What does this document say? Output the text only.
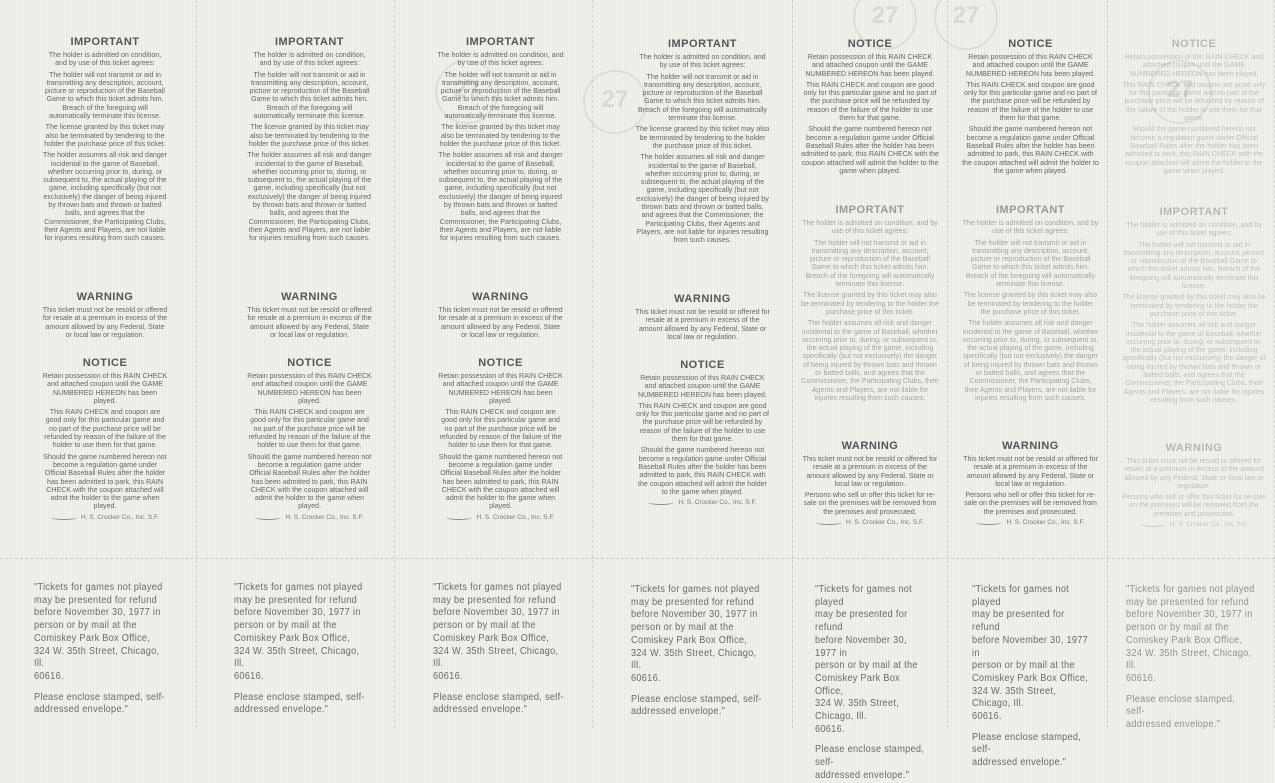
IMPORTANT

The holder is admitted on condition, and by use of this ticket agrees:

The holder will not transmit or aid in transmitting any description, account, picture or reproduction of the Baseball Game to which this ticket admits him. Breach of the foregoing will automatically terminate this license.

The license granted by this ticket may also be terminated by tendering to the holder the purchase price of this ticket.

The holder assumes all risk and danger incidental to the game of Baseball, whether occurring prior to, during, or subsequent to, the actual playing of the game, including specifically (but not exclusively) the danger of being injured by thrown bats and thrown or batted balls, and agrees that the Commissioner, the Participating Clubs, their Agents and Players, are not liable for injuries resulting from such causes.

WARNING

This ticket must not be resold or offered for resale at a premium in excess of the amount allowed by any Federal, State or local law or regulation.

NOTICE

Retain possession of this RAIN CHECK and attached coupon until the GAME NUMBERED HEREON has been played.

This RAIN CHECK and coupon are good only for this particular game and no part of the purchase price will be refunded by reason of the failure of the holder to use them for that game.

Should the game numbered hereon not become a regulation game under Official Baseball Rules after the holder has been admitted to park, this RAIN CHECK with the coupon attached will admit the holder to the game when played.

H. S. Crocker Co., Inc. S.F.
"Tickets for games not played
may be presented for refund
before November 30, 1977 in
person or by mail at the
Comiskey Park Box Office,
324 W. 35th Street, Chicago, Ill.
60616.
Please enclose stamped, self-
addressed envelope."
IMPORTANT

The holder is admitted on condition, and by use of this ticket agrees:

The holder will not transmit or aid in transmitting any description, account, picture or reproduction of the Baseball Game to which this ticket admits him. Breach of the foregoing will automatically terminate this license.

The license granted by this ticket may also be terminated by tendering to the holder the purchase price of this ticket.

The holder assumes all risk and danger incidental to the game of Baseball, whether occurring prior to, during, or subsequent to, the actual playing of the game, including specifically (but not exclusively) the danger of being injured by thrown bats and thrown or batted balls, and agrees that the Commissioner, the Participating Clubs, their Agents and Players, are not liable for injuries resulting from such causes.

WARNING

This ticket must not be resold or offered for resale at a premium in excess of the amount allowed by any Federal, State or local law or regulation.

NOTICE

Retain possession of this RAIN CHECK and attached coupon until the GAME NUMBERED HEREON has been played.

This RAIN CHECK and coupon are good only for this particular game and no part of the purchase price will be refunded by reason of the failure of the holder to use them for that game.

Should the game numbered hereon not become a regulation game under Official Baseball Rules after the holder has been admitted to park, this RAIN CHECK with the coupon attached will admit the holder to the game when played.

H. S. Crocker Co., Inc. S.F.
"Tickets for games not played
may be presented for refund
before November 30, 1977 in
person or by mail at the
Comiskey Park Box Office,
324 W. 35th Street, Chicago, Ill.
60616.
Please enclose stamped, self-
addressed envelope."
27
IMPORTANT

The holder is admitted on condition, and by use of this ticket agrees:

The holder will not transmit or aid in transmitting any description, account, picture or reproduction of the Baseball Game to which this ticket admits him. Breach of the foregoing will automatically terminate this license.

The license granted by this ticket may also be terminated by tendering to the holder the purchase price of this ticket.

The holder assumes all risk and danger incidental to the game of Baseball, whether occurring prior to, during, or subsequent to, the actual playing of the game, including specifically (but not exclusively) the danger of being injured by thrown bats and thrown or batted balls, and agrees that the Commissioner, the Participating Clubs, their Agents and Players, are not liable for injuries resulting from such causes.

WARNING

This ticket must not be resold or offered for resale at a premium in excess of the amount allowed by any Federal, State or local law or regulation.

NOTICE

Retain possession of this RAIN CHECK and attached coupon until the GAME NUMBERED HEREON has been played.

This RAIN CHECK and coupon are good only for this particular game and no part of the purchase price will be refunded by reason of the failure of the holder to use them for that game.

Should the game numbered hereon not become a regulation game under Official Baseball Rules after the holder has been admitted to park, this RAIN CHECK with the coupon attached will admit the holder to the game when played.

H. S. Crocker Co., Inc. S.F.
"Tickets for games not played
may be presented for refund
before November 30, 1977 in
person or by mail at the
Comiskey Park Box Office,
324 W. 35th Street, Chicago, Ill.
60616.
Please enclose stamped, self-
addressed envelope."
27
IMPORTANT

The holder is admitted on condition, and by use of this ticket agrees:

The holder will not transmit or aid in transmitting any description, account, picture or reproduction of the Baseball Game to which this ticket admits him. Breach of the foregoing will automatically terminate this license.

The license granted by this ticket may also be terminated by tendering to the holder the purchase price of this ticket.

The holder assumes all risk and danger incidental to the game of Baseball, whether occurring prior to, during, or subsequent to, the actual playing of the game, including specifically (but not exclusively) the danger of being injured by thrown bats and thrown or batted balls, and agrees that the Commissioner, the Participating Clubs, their Agents and Players, are not liable for injuries resulting from such causes.

WARNING

This ticket must not be resold or offered for resale at a premium in excess of the amount allowed by any Federal, State or local law or regulation.

NOTICE

Retain possession of this RAIN CHECK and attached coupon until the GAME NUMBERED HEREON has been played.

This RAIN CHECK and coupon are good only for this particular game and no part of the purchase price will be refunded by reason of the failure of the holder to use them for that game.

Should the game numbered hereon not become a regulation game under Official Baseball Rules after the holder has been admitted to park, this RAIN CHECK with the coupon attached will admit the holder to the game when played.

H. S. Crocker Co., Inc. S.F.
"Tickets for games not played
may be presented for refund
before November 30, 1977 in
person or by mail at the
Comiskey Park Box Office,
324 W. 35th Street, Chicago, Ill.
60616.
Please enclose stamped, self-
addressed envelope."
27
NOTICE

Retain possession of this RAIN CHECK and attached coupon until the GAME NUMBERED HEREON has been played.

This RAIN CHECK and coupon are good only for this particular game and no part of the purchase price will be refunded by reason of the failure of the holder to use them for that game.

Should the game numbered hereon not become a regulation game under Official Baseball Rules after the holder has been admitted to park, this RAIN CHECK with the coupon attached will admit the holder to the game when played.

IMPORTANT

The holder is admitted on condition, and by use of this ticket agrees:

The holder will not transmit or aid in transmitting any description, account, picture or reproduction of the Baseball Game to which this ticket admits him. Breach of the foregoing will automatically terminate this license.

The license granted by this ticket may also be terminated by tendering to the holder the purchase price of this ticket.

The holder assumes all risk and danger incidental to the game of Baseball, whether occurring prior to, during, or subsequent to, the actual playing of the game, including specifically (but not exclusively) the danger of being injured by thrown bats and thrown or batted balls, and agrees that the Commissioner, the Participating Clubs, their Agents and Players, are not liable for injuries resulting from such causes.

WARNING

This ticket must not be resold or offered for resale at a premium in excess of the amount allowed by any Federal, State or local law or regulation.

Persons who sell or offer this ticket for re-sale on the premises will be removed from the premises and prosecuted.

H. S. Crocker Co., Inc. S.F.
"Tickets for games not played
may be presented for refund
before November 30, 1977 in
person or by mail at the
Comiskey Park Box Office,
324 W. 35th Street, Chicago, Ill.
60616.
Please enclose stamped, self-
addressed envelope."
27
NOTICE

Retain possession of this RAIN CHECK and attached coupon until the GAME NUMBERED HEREON has been played.

This RAIN CHECK and coupon are good only for this particular game and no part of the purchase price will be refunded by reason of the failure of the holder to use them for that game.

Should the game numbered hereon not become a regulation game under Official Baseball Rules after the holder has been admitted to park, this RAIN CHECK with the coupon attached will admit the holder to the game when played.

IMPORTANT

The holder is admitted on condition, and by use of this ticket agrees:

The holder will not transmit or aid in transmitting any description, account, picture or reproduction of the Baseball Game to which this ticket admits him. Breach of the foregoing will automatically terminate this license.

The license granted by this ticket may also be terminated by tendering to the holder the purchase price of this ticket.

The holder assumes all risk and danger incidental to the game of Baseball, whether occurring prior to, during, or subsequent to, the actual playing of the game, including specifically (but not exclusively) the danger of being injured by thrown bats and thrown or batted balls, and agrees that the Commissioner, the Participating Clubs, their Agents and Players, are not liable for injuries resulting from such causes.

WARNING

This ticket must not be resold or offered for resale at a premium in excess of the amount allowed by any Federal, State or local law or regulation.

Persons who sell or offer this ticket for re-sale on the premises will be removed from the premises and prosecuted.

H. S. Crocker Co., Inc. S.F.
"Tickets for games not played
may be presented for refund
before November 30, 1977 in
person or by mail at the
Comiskey Park Box Office,
324 W. 35th Street, Chicago, Ill.
60616.
Please enclose stamped, self-
addressed envelope."
27
NOTICE

Retain possession of this RAIN CHECK and attached coupon until the GAME NUMBERED HEREON has been played.

This RAIN CHECK and coupon are good only for this particular game and no part of the purchase price will be refunded by reason of the failure of the holder to use them for that game.

Should the game numbered hereon not become a regulation game under Official Baseball Rules after the holder has been admitted to park, this RAIN CHECK with the coupon attached will admit the holder to the game when played.

IMPORTANT

The holder is admitted on condition, and by use of this ticket agrees:

The holder will not transmit or aid in transmitting any description, account, picture or reproduction of the Baseball Game to which this ticket admits him. Breach of the foregoing will automatically terminate this license.

The license granted by this ticket may also be terminated by tendering to the holder the purchase price of this ticket.

The holder assumes all risk and danger incidental to the game of Baseball, whether occurring prior to, during, or subsequent to, the actual playing of the game, including specifically (but not exclusively) the danger of being injured by thrown bats and thrown or batted balls, and agrees that the Commissioner, the Participating Clubs, their Agents and Players, are not liable for injuries resulting from such causes.

WARNING

This ticket must not be resold or offered for resale at a premium in excess of the amount allowed by any Federal, State or local law or regulation.

Persons who sell or offer this ticket for re-sale on the premises will be removed from the premises and prosecuted.

H. S. Crocker Co., Inc. S.F.
"Tickets for games not played
may be presented for refund
before November 30, 1977 in
person or by mail at the
Comiskey Park Box Office,
324 W. 35th Street, Chicago, Ill.
60616.
Please enclose stamped, self-
addressed envelope."
